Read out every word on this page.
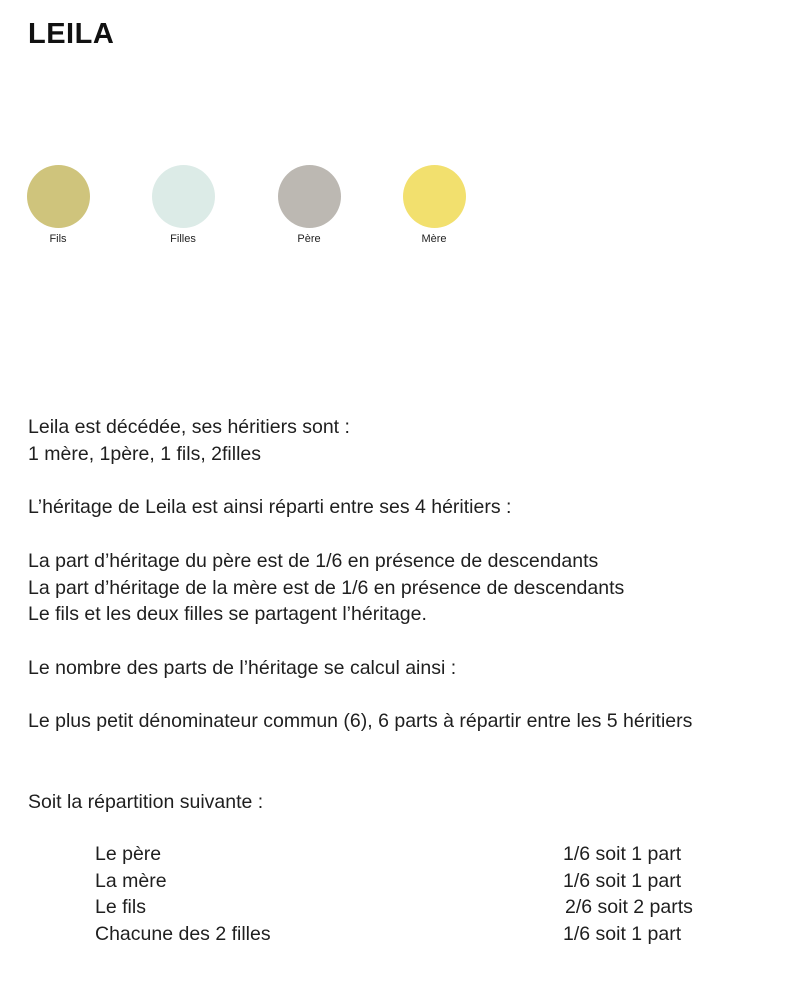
LEILA
Fils	Filles	Père	Mère
Leila est décédée, ses héritiers sont :
1 mère, 1père, 1 fils, 2filles
L’héritage de Leila est ainsi réparti entre ses 4 héritiers :
La part d’héritage du père est de 1/6 en présence de descendants
La part d’héritage de la mère est de 1/6 en présence de descendants
Le fils et les deux filles se partagent l’héritage.
Le nombre des parts de l’héritage se calcul ainsi :
Le plus petit dénominateur commun (6), 6 parts à répartir entre les 5 héritiers
Soit la répartition suivante :
Le père	1/6 soit 1 part
La mère	1/6 soit 1 part
Le fils	2/6 soit 2 parts
Chacune des 2 filles	1/6 soit 1 part
